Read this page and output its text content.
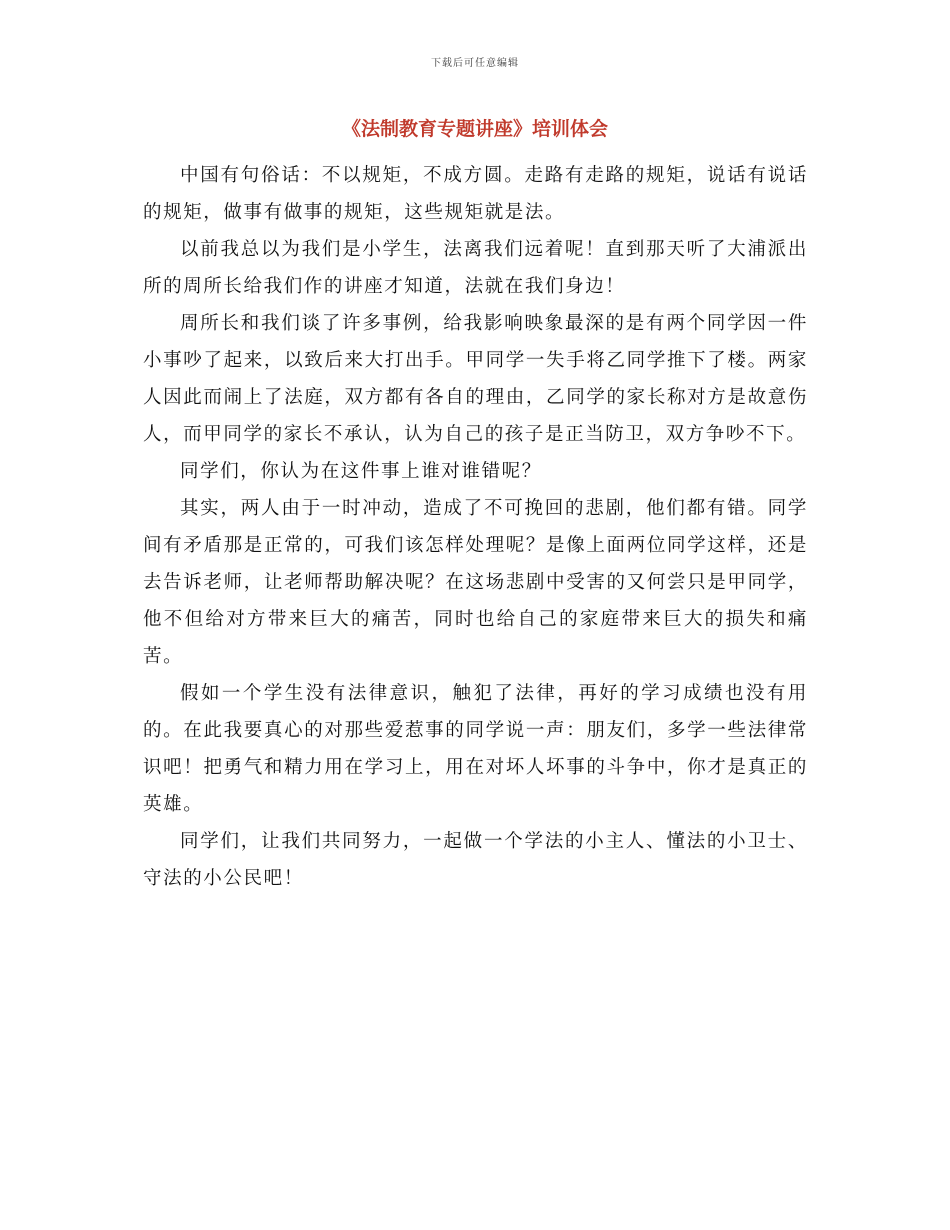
下载后可任意编辑
《法制教育专题讲座》培训体会

中国有句俗话：不以规矩，不成方圆。走路有走路的规矩，说话有说话的规矩，做事有做事的规矩，这些规矩就是法。

以前我总以为我们是小学生，法离我们远着呢！直到那天听了大浦派出所的周所长给我们作的讲座才知道，法就在我们身边！

周所长和我们谈了许多事例，给我影响映象最深的是有两个同学因一件小事吵了起来，以致后来大打出手。甲同学一失手将乙同学推下了楼。两家人因此而闹上了法庭，双方都有各自的理由，乙同学的家长称对方是故意伤人，而甲同学的家长不承认，认为自己的孩子是正当防卫，双方争吵不下。

同学们，你认为在这件事上谁对谁错呢？

其实，两人由于一时冲动，造成了不可挽回的悲剧，他们都有错。同学间有矛盾那是正常的，可我们该怎样处理呢？是像上面两位同学这样，还是去告诉老师，让老师帮助解决呢？在这场悲剧中受害的又何尝只是甲同学，他不但给对方带来巨大的痛苦，同时也给自己的家庭带来巨大的损失和痛苦。

假如一个学生没有法律意识，触犯了法律，再好的学习成绩也没有用的。在此我要真心的对那些爱惹事的同学说一声：朋友们，多学一些法律常识吧！把勇气和精力用在学习上，用在对坏人坏事的斗争中，你才是真正的英雄。

同学们，让我们共同努力，一起做一个学法的小主人、懂法的小卫士、守法的小公民吧！
